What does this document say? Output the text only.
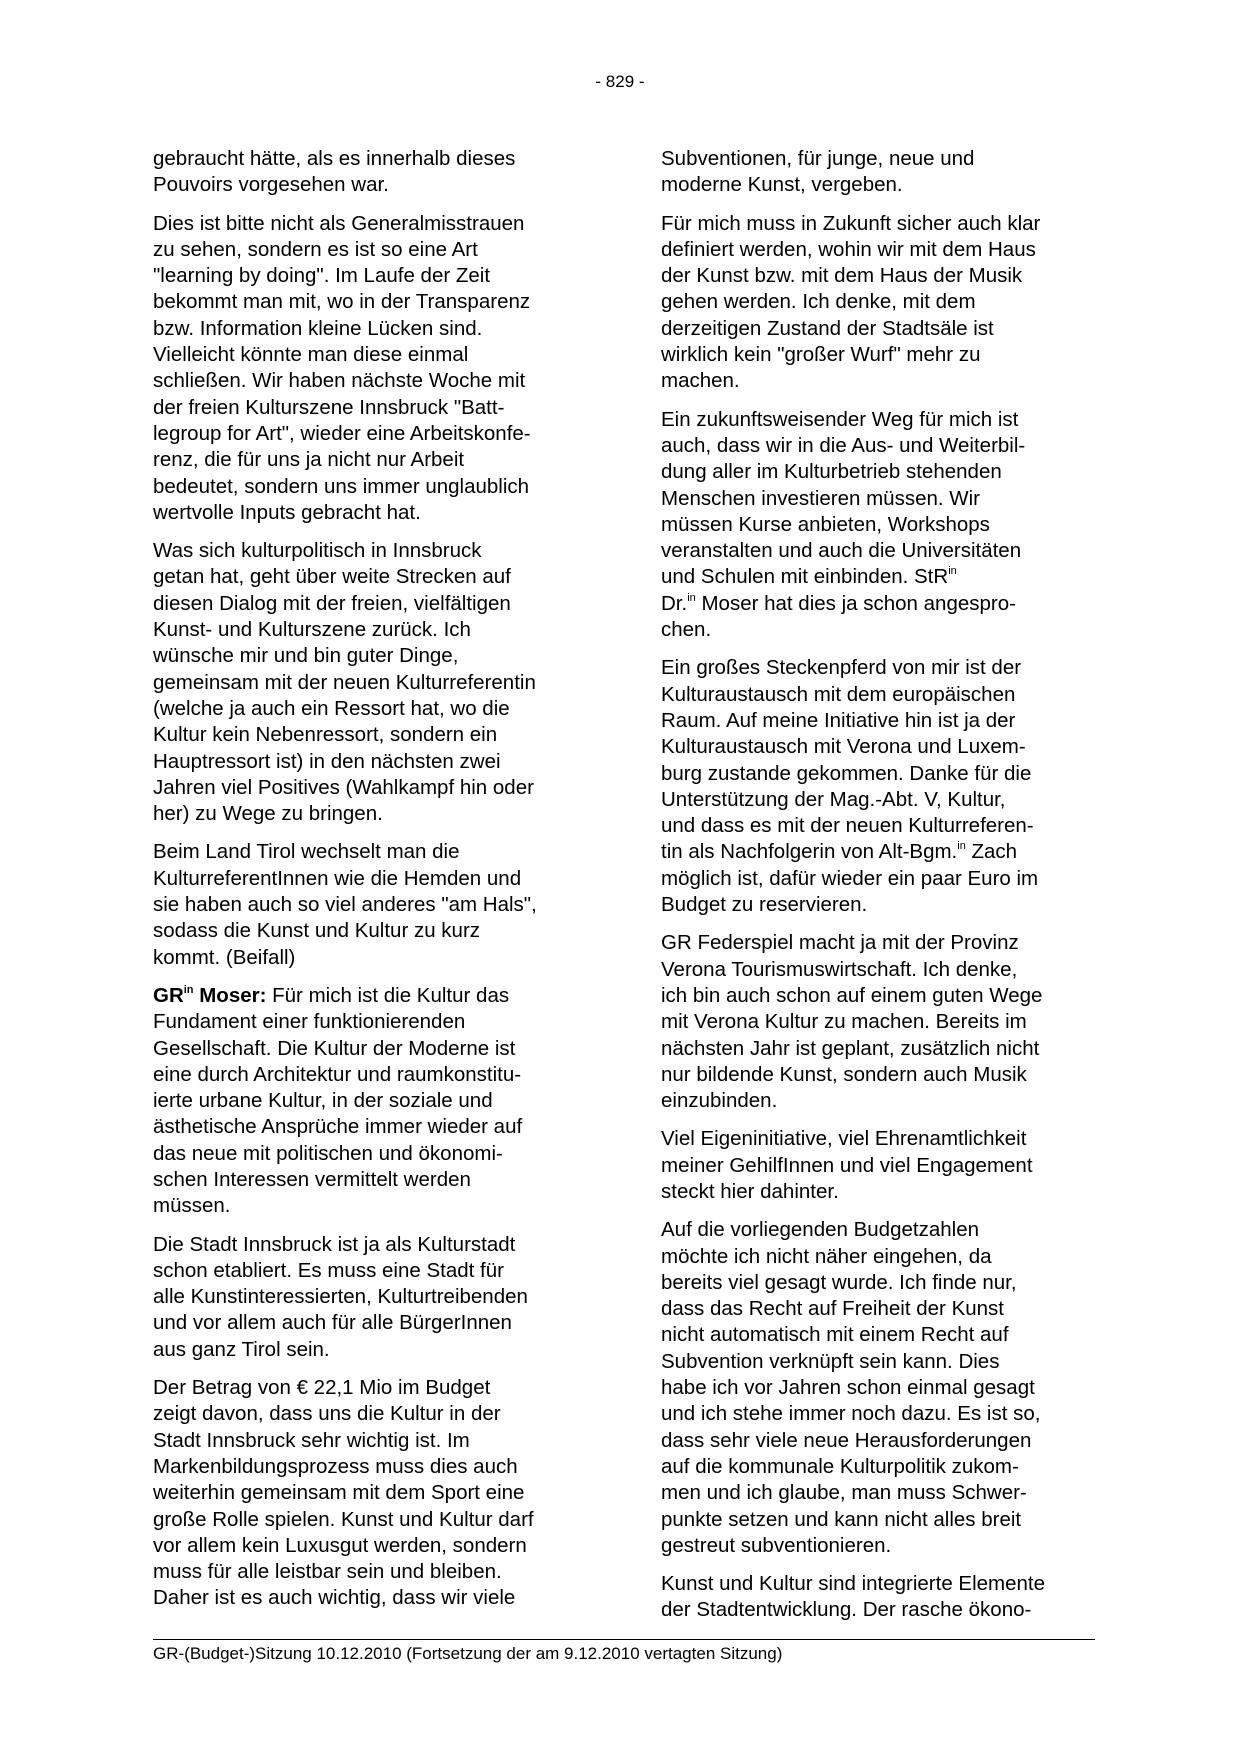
- 829 -

gebraucht hätte, als es innerhalb dieses
Pouvoirs vorgesehen war.

Dies ist bitte nicht als Generalmisstrauen
zu sehen, sondern es ist so eine Art
"learning by doing". Im Laufe der Zeit
bekommt man mit, wo in der Transparenz
bzw. Information kleine Lücken sind.
Vielleicht könnte man diese einmal
schließen. Wir haben nächste Woche mit
der freien Kulturszene Innsbruck "Batt-
legroup for Art", wieder eine Arbeitskonfe-
renz, die für uns ja nicht nur Arbeit
bedeutet, sondern uns immer unglaublich
wertvolle Inputs gebracht hat.

Was sich kulturpolitisch in Innsbruck
getan hat, geht über weite Strecken auf
diesen Dialog mit der freien, vielfältigen
Kunst- und Kulturszene zurück. Ich
wünsche mir und bin guter Dinge,
gemeinsam mit der neuen Kulturreferentin
(welche ja auch ein Ressort hat, wo die
Kultur kein Nebenressort, sondern ein
Hauptressort ist) in den nächsten zwei
Jahren viel Positives (Wahlkampf hin oder
her) zu Wege zu bringen.

Beim Land Tirol wechselt man die
KulturreferentInnen wie die Hemden und
sie haben auch so viel anderes "am Hals",
sodass die Kunst und Kultur zu kurz
kommt. (Beifall)

$GR^{in}$ Moser: Für mich ist die Kultur das
Fundament einer funktionierenden
Gesellschaft. Die Kultur der Moderne ist
eine durch Architektur und raumkonstitu-
ierte urbane Kultur, in der soziale und
ästhetische Ansprüche immer wieder auf
das neue mit politischen und ökonomi-
schen Interessen vermittelt werden
müssen.

Die Stadt Innsbruck ist ja als Kulturstadt
schon etabliert. Es muss eine Stadt für
alle Kunstinteressierten, Kulturtreibenden
und vor allem auch für alle BürgerInnen
aus ganz Tirol sein.

Der Betrag von € 22,1 Mio im Budget
zeigt davon, dass uns die Kultur in der
Stadt Innsbruck sehr wichtig ist. Im
Markenbildungsprozess muss dies auch
weiterhin gemeinsam mit dem Sport eine
große Rolle spielen. Kunst und Kultur darf
vor allem kein Luxusgut werden, sondern
muss für alle leistbar sein und bleiben.
Daher ist es auch wichtig, dass wir viele

Subventionen, für junge, neue und
moderne Kunst, vergeben.

Für mich muss in Zukunft sicher auch klar
definiert werden, wohin wir mit dem Haus
der Kunst bzw. mit dem Haus der Musik
gehen werden. Ich denke, mit dem
derzeitigen Zustand der Stadtsäle ist
wirklich kein "großer Wurf" mehr zu
machen.

Ein zukunftsweisender Weg für mich ist
auch, dass wir in die Aus- und Weiterbil-
dung aller im Kulturbetrieb stehenden
Menschen investieren müssen. Wir
müssen Kurse anbieten, Workshops
veranstalten und auch die Universitäten
und Schulen mit einbinden. StR$^{in}$
Dr.$^{in}$ Moser hat dies ja schon angespro-
chen.

Ein großes Steckenpferd von mir ist der
Kulturaustausch mit dem europäischen
Raum. Auf meine Initiative hin ist ja der
Kulturaustausch mit Verona und Luxem-
burg zustande gekommen. Danke für die
Unterstützung der Mag.-Abt. V, Kultur,
und dass es mit der neuen Kulturreferen-
tin als Nachfolgerin von Alt-Bgm.$^{in}$ Zach
möglich ist, dafür wieder ein paar Euro im
Budget zu reservieren.

GR Federspiel macht ja mit der Provinz
Verona Tourismuswirtschaft. Ich denke,
ich bin auch schon auf einem guten Wege
mit Verona Kultur zu machen. Bereits im
nächsten Jahr ist geplant, zusätzlich nicht
nur bildende Kunst, sondern auch Musik
einzubinden.

Viel Eigeninitiative, viel Ehrenamtlichkeit
meiner GehilfInnen und viel Engagement
steckt hier dahinter.

Auf die vorliegenden Budgetzahlen
möchte ich nicht näher eingehen, da
bereits viel gesagt wurde. Ich finde nur,
dass das Recht auf Freiheit der Kunst
nicht automatisch mit einem Recht auf
Subvention verknüpft sein kann. Dies
habe ich vor Jahren schon einmal gesagt
und ich stehe immer noch dazu. Es ist so,
dass sehr viele neue Herausforderungen
auf die kommunale Kulturpolitik zukom-
men und ich glaube, man muss Schwer-
punkte setzen und kann nicht alles breit
gestreut subventionieren.

Kunst und Kultur sind integrierte Elemente
der Stadtentwicklung. Der rasche ökono-

GR-(Budget-)Sitzung 10.12.2010 (Fortsetzung der am 9.12.2010 vertagten Sitzung)
